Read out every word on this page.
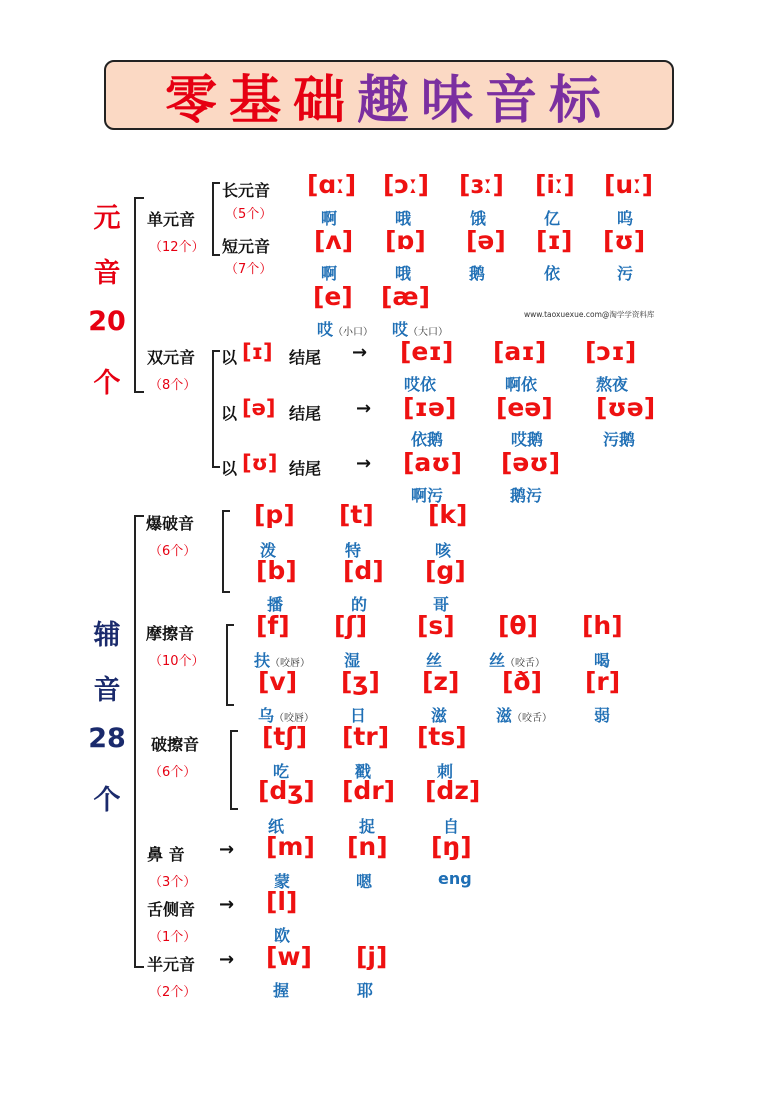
零基础 趣味音标
元
音
20
个
单元音
（12个）
长元音
（5个）
短元音
（7个）
[ɑː]
啊
[ɔː]
哦
[ɜː]
饿
[iː]
亿
[uː]
呜
[ʌ]
啊
[ɒ]
哦
[ə]
鹅
[ɪ]
依
[ʊ]
污
[e]
哎（小口）
[æ]
哎（大口）
www.taoxuexue.com@淘学学资料库
双元音
（8个）
以 [ɪ] 结尾 → [eɪ]
哎依
[aɪ]
啊依
[ɔɪ]
熬夜
以 [ə] 结尾 → [ɪə]
依鹅
[eə]
哎鹅
[ʊə]
污鹅
以 [ʊ] 结尾 → [aʊ]
啊污
[əʊ]
鹅污
辅
音
28
个
爆破音
（6个）
[p]
泼
[t]
特
[k]
咳
[b]
播
[d]
的
[g]
哥
摩擦音
（10个）
[f]
扶（咬唇）
[ʃ]
湿
[s]
丝
[θ]
丝（咬舌）
[h]
喝
[v]
乌（咬唇）
[ʒ]
日
[z]
滋
[ð]
滋（咬舌）
[r]
弱
破擦音
（6个）
[tʃ]
吃
[tr]
戳
[ts]
刺
[dʒ]
纸
[dr]
捉
[dz]
自
鼻 音
（3个）
→ [m]
蒙
[n]
嗯
[ŋ]
eng
舌侧音
（1个）
→ [l]
欧
半元音
（2个）
→ [w]
握
[j]
耶
